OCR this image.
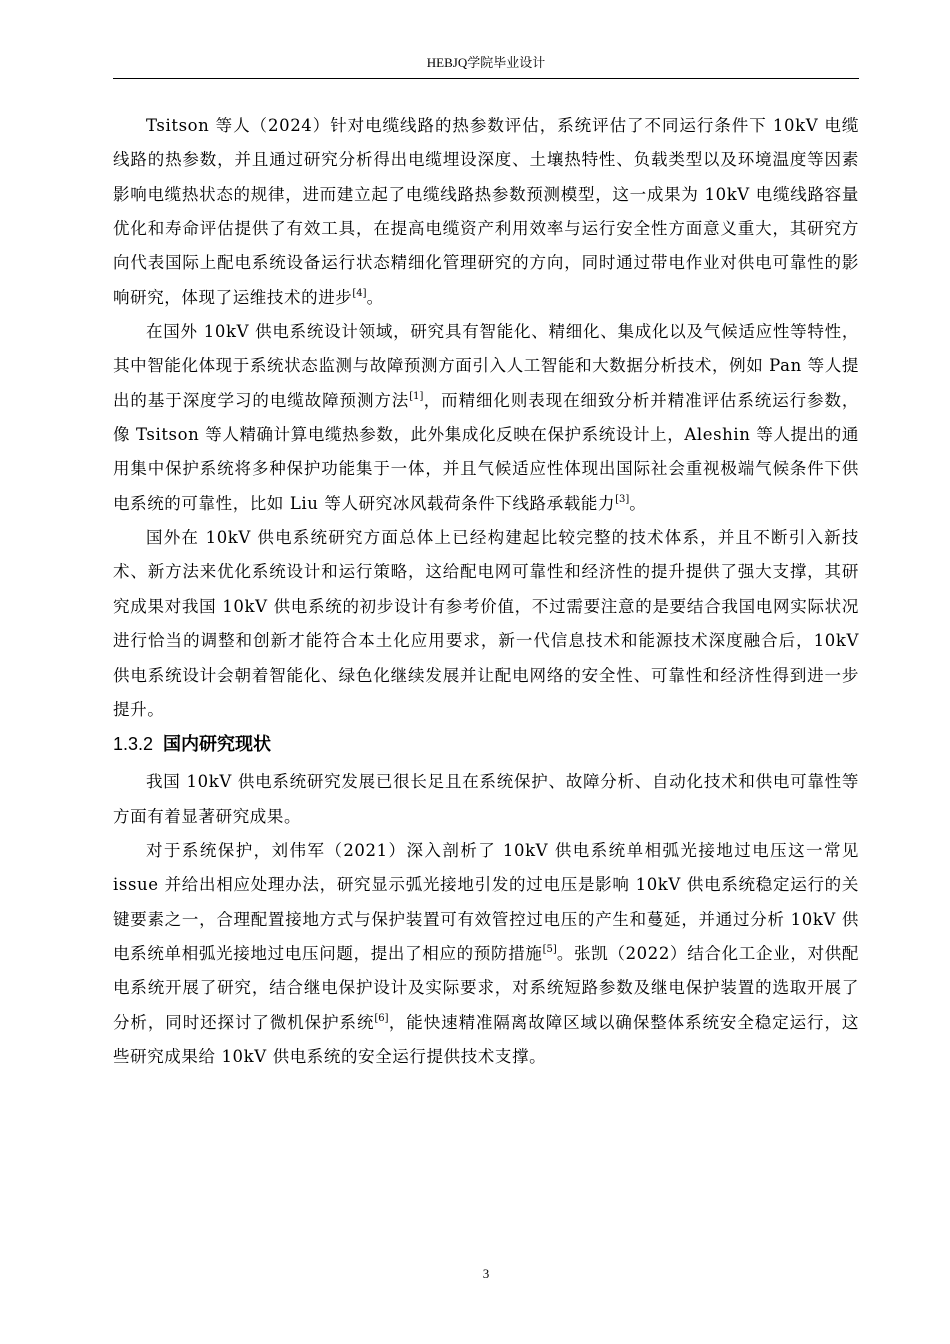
HEBJQ学院毕业设计

Tsitson 等人（2024）针对电缆线路的热参数评估，系统评估了不同运行条件下 10kV 电缆线路的热参数，并且通过研究分析得出电缆埋设深度、土壤热特性、负载类型以及环境温度等因素影响电缆热状态的规律，进而建立起了电缆线路热参数预测模型，这一成果为 10kV 电缆线路容量优化和寿命评估提供了有效工具，在提高电缆资产利用效率与运行安全性方面意义重大，其研究方向代表国际上配电系统设备运行状态精细化管理研究的方向，同时通过带电作业对供电可靠性的影响研究，体现了运维技术的进步[4]。

在国外 10kV 供电系统设计领域，研究具有智能化、精细化、集成化以及气候适应性等特性，其中智能化体现于系统状态监测与故障预测方面引入人工智能和大数据分析技术，例如 Pan 等人提出的基于深度学习的电缆故障预测方法[1]，而精细化则表现在细致分析并精准评估系统运行参数，像 Tsitson 等人精确计算电缆热参数，此外集成化反映在保护系统设计上，Aleshin 等人提出的通用集中保护系统将多种保护功能集于一体，并且气候适应性体现出国际社会重视极端气候条件下供电系统的可靠性，比如 Liu 等人研究冰风载荷条件下线路承载能力[3]。

国外在 10kV 供电系统研究方面总体上已经构建起比较完整的技术体系，并且不断引入新技术、新方法来优化系统设计和运行策略，这给配电网可靠性和经济性的提升提供了强大支撑，其研究成果对我国 10kV 供电系统的初步设计有参考价值，不过需要注意的是要结合我国电网实际状况进行恰当的调整和创新才能符合本土化应用要求，新一代信息技术和能源技术深度融合后，10kV 供电系统设计会朝着智能化、绿色化继续发展并让配电网络的安全性、可靠性和经济性得到进一步提升。

1.3.2 国内研究现状

我国 10kV 供电系统研究发展已很长足且在系统保护、故障分析、自动化技术和供电可靠性等方面有着显著研究成果。

对于系统保护，刘伟军（2021）深入剖析了 10kV 供电系统单相弧光接地过电压这一常见 issue 并给出相应处理办法，研究显示弧光接地引发的过电压是影响 10kV 供电系统稳定运行的关键要素之一，合理配置接地方式与保护装置可有效管控过电压的产生和蔓延，并通过分析 10kV 供电系统单相弧光接地过电压问题，提出了相应的预防措施[5]。张凯（2022）结合化工企业，对供配电系统开展了研究，结合继电保护设计及实际要求，对系统短路参数及继电保护装置的选取开展了分析，同时还探讨了微机保护系统[6]，能快速精准隔离故障区域以确保整体系统安全稳定运行，这些研究成果给 10kV 供电系统的安全运行提供技术支撑。

3
